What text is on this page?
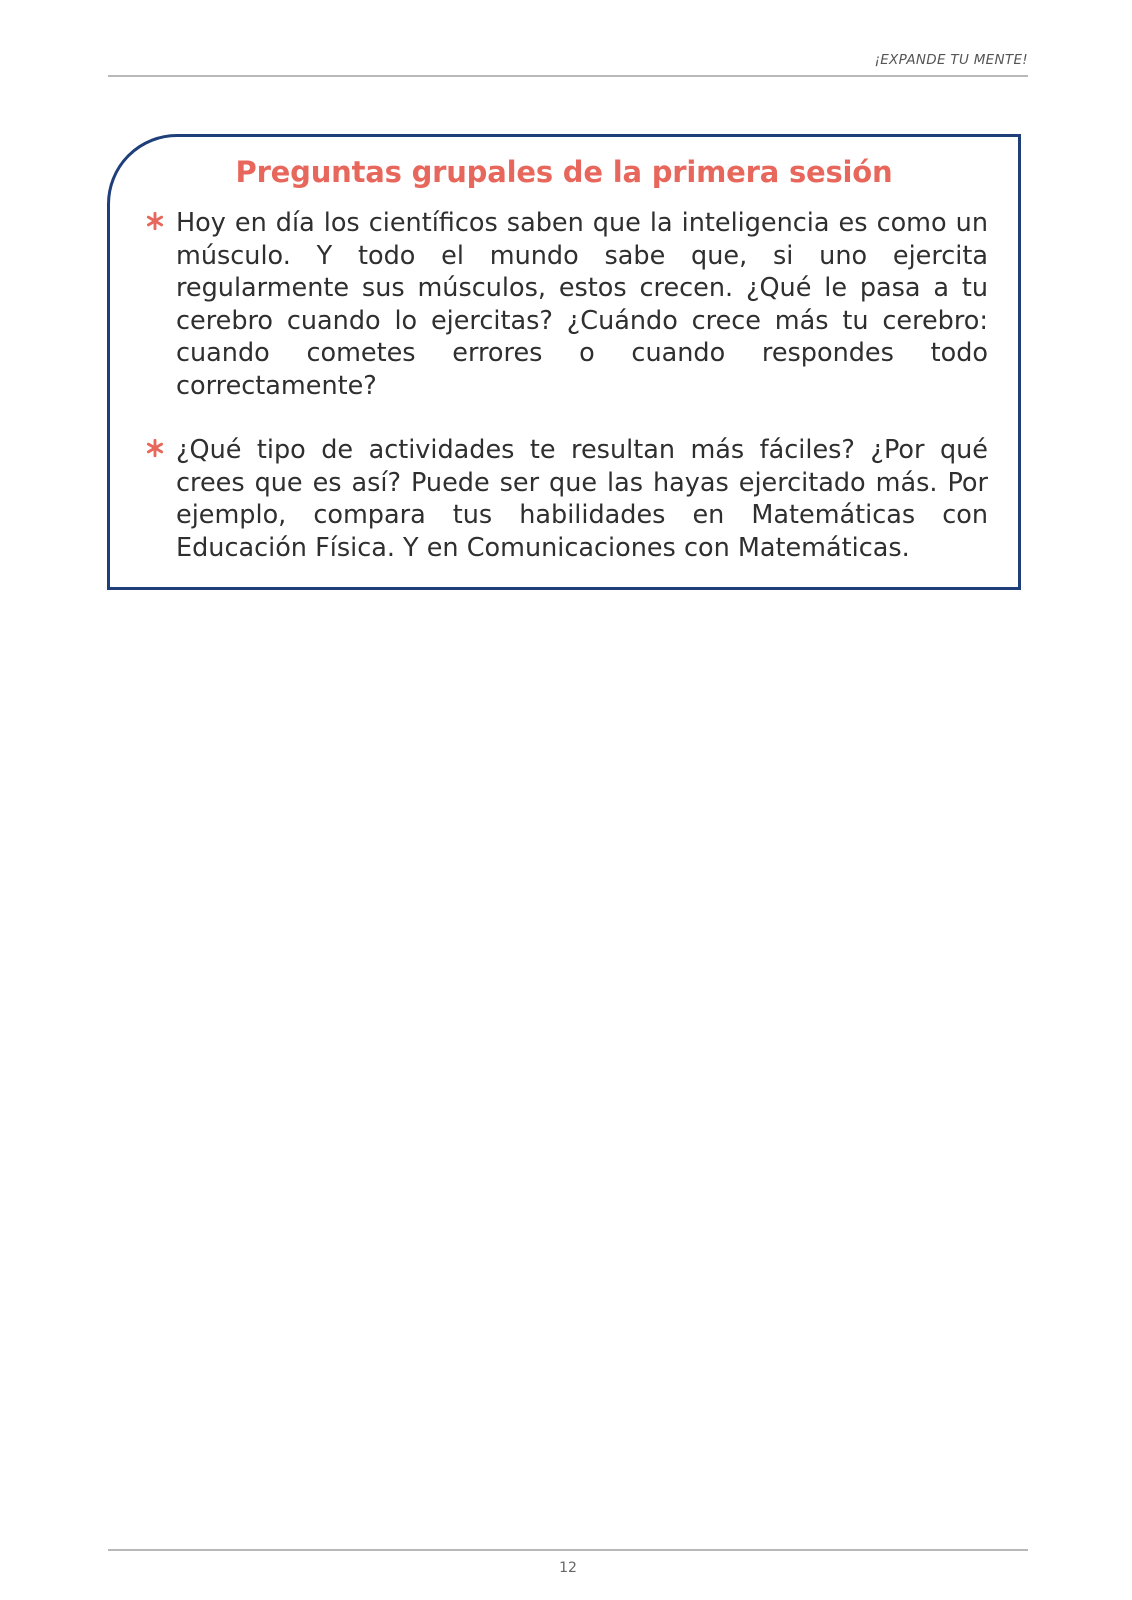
¡EXPANDE TU MENTE!
Preguntas grupales de la primera sesión
Hoy en día los científicos saben que la inteligencia es como un músculo. Y todo el mundo sabe que, si uno ejercita regularmente sus músculos, estos crecen. ¿Qué le pasa a tu cerebro cuando lo ejercitas? ¿Cuándo crece más tu cerebro: cuando cometes errores o cuando respondes todo correctamente?
¿Qué tipo de actividades te resultan más fáciles? ¿Por qué crees que es así? Puede ser que las hayas ejercitado más. Por ejemplo, compara tus habilidades en Matemáticas con Educación Física. Y en Comunicaciones con Matemáticas.
12
